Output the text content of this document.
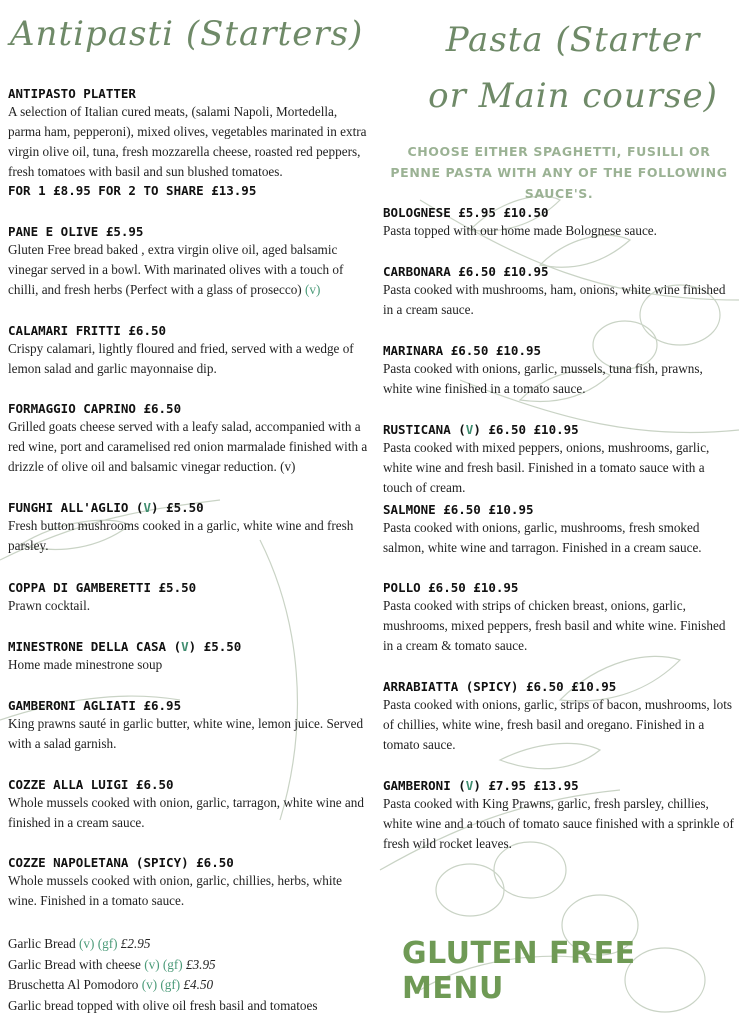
Antipasti (Starters)
ANTIPASTO PLATTER
A selection of Italian cured meats, (salami Napoli, Mortedella, parma ham, pepperoni), mixed olives, vegetables marinated in extra virgin olive oil, tuna, fresh mozzarella cheese, roasted red peppers, fresh tomatoes with basil and sun blushed tomatoes.
FOR 1 £8.95 FOR 2 TO SHARE £13.95
PANE E OLIVE £5.95
Gluten Free bread baked , extra virgin olive oil, aged balsamic vinegar served in a bowl. With marinated olives with a touch of chilli, and fresh herbs (Perfect with a glass of prosecco) (v)
CALAMARI FRITTI £6.50
Crispy calamari, lightly floured and fried, served with a wedge of lemon salad and garlic mayonnaise dip.
FORMAGGIO CAPRINO £6.50
Grilled goats cheese served with a leafy salad, accompanied with a red wine, port and caramelised red onion marmalade finished with a drizzle of olive oil and balsamic vinegar reduction. (v)
FUNGHI ALL'AGLIO (V) £5.50
Fresh button mushrooms cooked in a garlic, white wine and fresh parsley.
COPPA DI GAMBERETTI £5.50
Prawn cocktail.
MINESTRONE DELLA CASA (V) £5.50
Home made minestrone soup
GAMBERONI AGLIATI £6.95
King prawns sauté in garlic butter, white wine, lemon juice. Served with a salad garnish.
COZZE ALLA LUIGI £6.50
Whole mussels cooked with onion, garlic, tarragon, white wine and finished in a cream sauce.
COZZE NAPOLETANA (SPICY) £6.50
Whole mussels cooked with onion, garlic, chillies, herbs, white wine. Finished in a tomato sauce.
Garlic Bread (v) (gf) £2.95
Garlic Bread with cheese (v) (gf) £3.95
Bruschetta Al Pomodoro (v) (gf) £4.50
Garlic bread topped with olive oil fresh basil and tomatoes
Pasta (Starter or Main course)
CHOOSE EITHER SPAGHETTI, FUSILLI OR PENNE PASTA WITH ANY OF THE FOLLOWING SAUCE'S.
BOLOGNESE £5.95 £10.50
Pasta topped with our home made Bolognese sauce.
CARBONARA £6.50 £10.95
Pasta cooked with mushrooms, ham, onions, white wine finished in a cream sauce.
MARINARA £6.50 £10.95
Pasta cooked with onions, garlic, mussels, tuna fish, prawns, white wine finished in a tomato sauce.
RUSTICANA (V) £6.50 £10.95
Pasta cooked with mixed peppers, onions, mushrooms, garlic, white wine and fresh basil. Finished in a tomato sauce with a touch of cream.
SALMONE £6.50 £10.95
Pasta cooked with onions, garlic, mushrooms, fresh smoked salmon, white wine and tarragon. Finished in a cream sauce.
POLLO £6.50 £10.95
Pasta cooked with strips of chicken breast, onions, garlic, mushrooms, mixed peppers, fresh basil and white wine. Finished in a cream & tomato sauce.
ARRABIATTA (SPICY) £6.50 £10.95
Pasta cooked with onions, garlic, strips of bacon, mushrooms, lots of chillies, white wine, fresh basil and oregano. Finished in a tomato sauce.
GAMBERONI (V) £7.95 £13.95
Pasta cooked with King Prawns, garlic, fresh parsley, chillies, white wine and a touch of tomato sauce finished with a sprinkle of fresh wild rocket leaves.
GLUTEN FREE MENU
